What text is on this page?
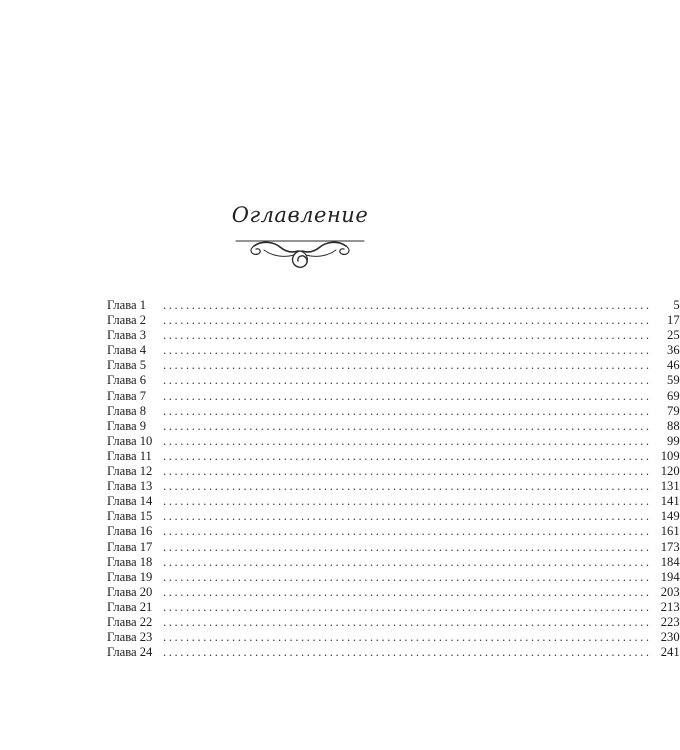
Оглавление
Глава 1	.....................................................................................	5
Глава 2	.....................................................................................	17
Глава 3	.....................................................................................	25
Глава 4	.....................................................................................	36
Глава 5	.....................................................................................	46
Глава 6	.....................................................................................	59
Глава 7	.....................................................................................	69
Глава 8	.....................................................................................	79
Глава 9	.....................................................................................	88
Глава 10 .....................................................................................	99
Глава 11 ..................................................................................... 109
Глава 12 ..................................................................................... 120
Глава 13 ..................................................................................... 131
Глава 14 ..................................................................................... 141
Глава 15 ..................................................................................... 149
Глава 16 ..................................................................................... 161
Глава 17 ..................................................................................... 173
Глава 18 ..................................................................................... 184
Глава 19 ..................................................................................... 194
Глава 20 ..................................................................................... 203
Глава 21 ..................................................................................... 213
Глава 22 ..................................................................................... 223
Глава 23 ..................................................................................... 230
Глава 24 ..................................................................................... 241
